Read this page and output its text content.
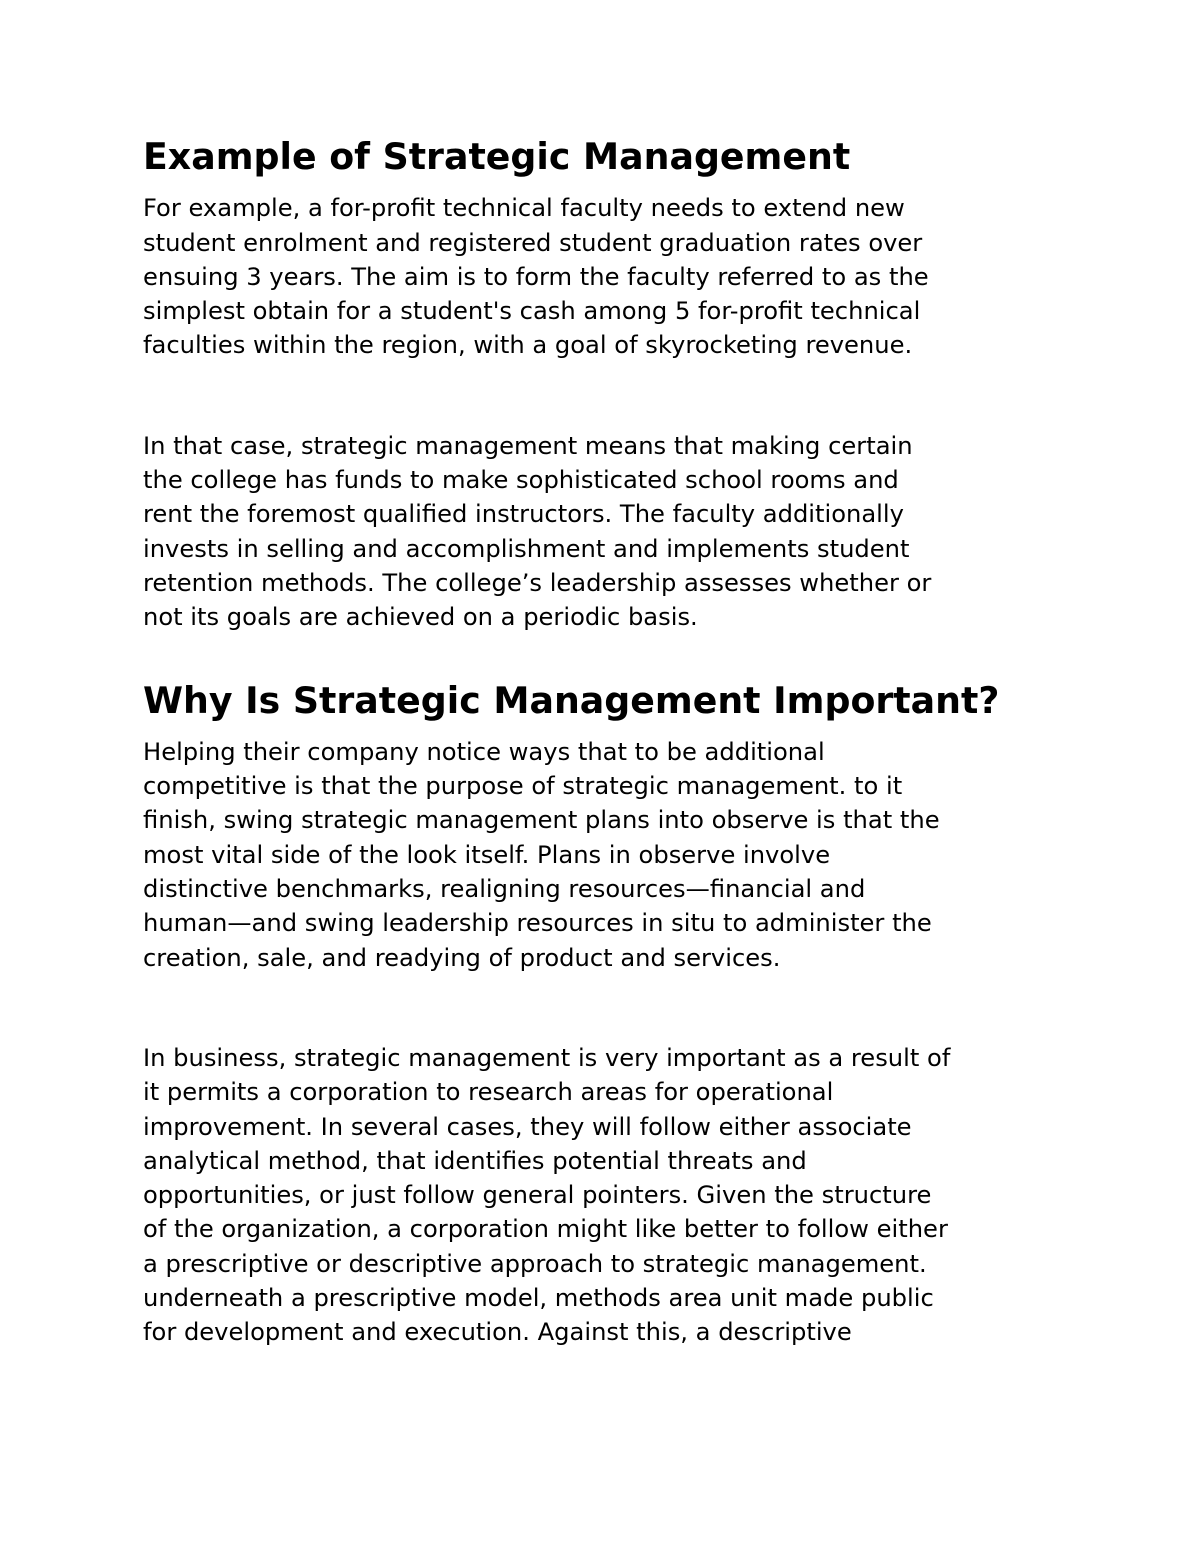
Example of Strategic Management

For example, a for-profit technical faculty needs to extend new
student enrolment and registered student graduation rates over
ensuing 3 years. The aim is to form the faculty referred to as the
simplest obtain for a student's cash among 5 for-profit technical
faculties within the region, with a goal of skyrocketing revenue.

In that case, strategic management means that making certain
the college has funds to make sophisticated school rooms and
rent the foremost qualified instructors. The faculty additionally
invests in selling and accomplishment and implements student
retention methods. The college’s leadership assesses whether or
not its goals are achieved on a periodic basis.

Why Is Strategic Management Important?

Helping their company notice ways that to be additional
competitive is that the purpose of strategic management. to it
finish, swing strategic management plans into observe is that the
most vital side of the look itself. Plans in observe involve
distinctive benchmarks, realigning resources—financial and
human—and swing leadership resources in situ to administer the
creation, sale, and readying of product and services.

In business, strategic management is very important as a result of
it permits a corporation to research areas for operational
improvement. In several cases, they will follow either associate
analytical method, that identifies potential threats and
opportunities, or just follow general pointers. Given the structure
of the organization, a corporation might like better to follow either
a prescriptive or descriptive approach to strategic management.
underneath a prescriptive model, methods area unit made public
for development and execution. Against this, a descriptive
